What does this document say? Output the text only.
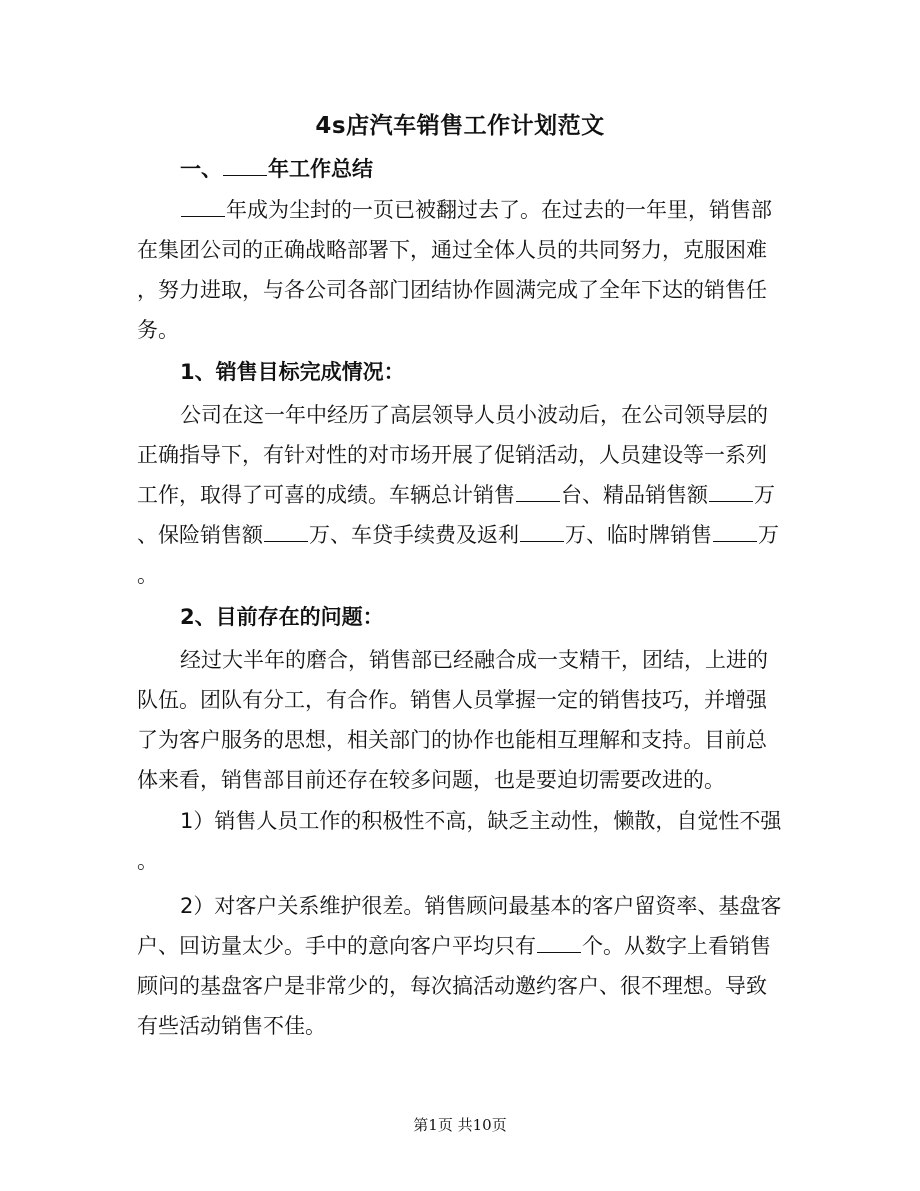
4s店汽车销售工作计划范文

一、 年工作总结

年成为尘封的一页已被翻过去了。在过去的一年里，销售部
在集团公司的正确战略部署下，通过全体人员的共同努力，克服困难
，努力进取，与各公司各部门团结协作圆满完成了全年下达的销售任
务。

1、销售目标完成情况：

公司在这一年中经历了高层领导人员小波动后，在公司领导层的
正确指导下，有针对性的对市场开展了促销活动，人员建设等一系列
工作，取得了可喜的成绩。车辆总计销售 台、精品销售额 万
、保险销售额 万、车贷手续费及返利 万、临时牌销售 万
。

2、目前存在的问题：

经过大半年的磨合，销售部已经融合成一支精干，团结，上进的
队伍。团队有分工，有合作。销售人员掌握一定的销售技巧，并增强
了为客户服务的思想，相关部门的协作也能相互理解和支持。目前总
体来看，销售部目前还存在较多问题，也是要迫切需要改进的。
1）销售人员工作的积极性不高，缺乏主动性，懒散，自觉性不强
。
2）对客户关系维护很差。销售顾问最基本的客户留资率、基盘客
户、回访量太少。手中的意向客户平均只有 个。从数字上看销售
顾问的基盘客户是非常少的，每次搞活动邀约客户、很不理想。导致
有些活动销售不佳。
第1页 共10页
